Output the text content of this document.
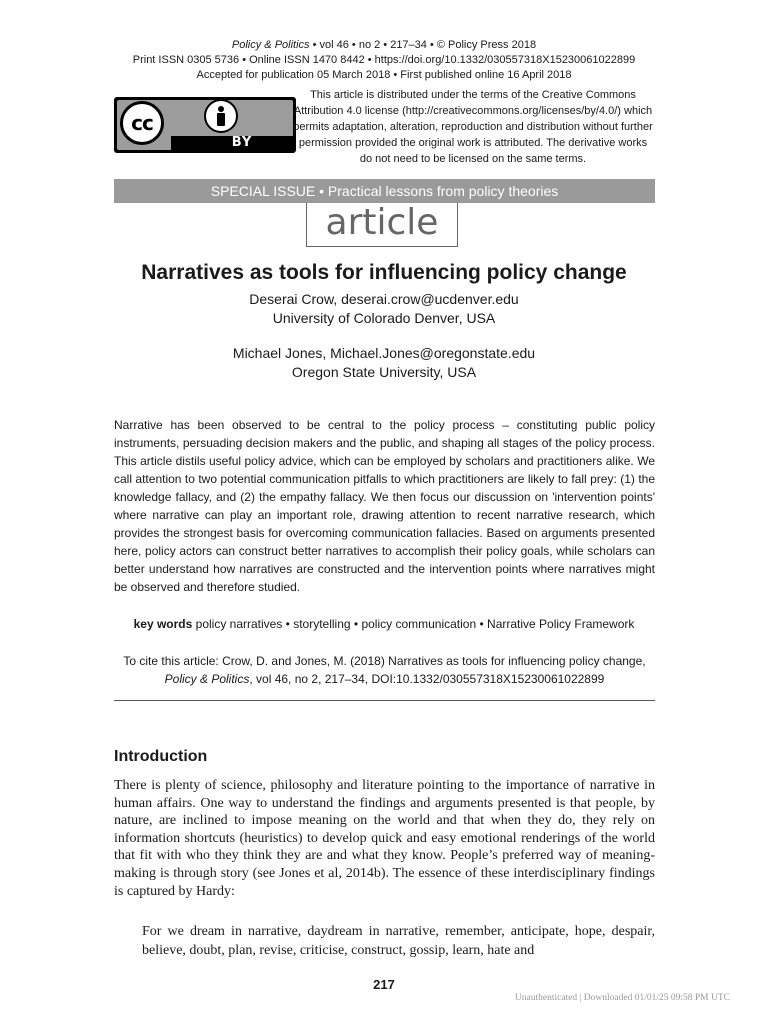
Policy & Politics • vol 46 • no 2 • 217–34 • © Policy Press 2018
Print ISSN 0305 5736 • Online ISSN 1470 8442 • https://doi.org/10.1332/030557318X15230061022899
Accepted for publication 05 March 2018 • First published online 16 April 2018
cc
BY
This article is distributed under the terms of the Creative Commons Attribution 4.0 license (http://creativecommons.org/licenses/by/4.0/) which permits adaptation, alteration, reproduction and distribution without further permission provided the original work is attributed. The derivative works do not need to be licensed on the same terms.
SPECIAL ISSUE • Practical lessons from policy theories
article
Narratives as tools for influencing policy change
Deserai Crow, deserai.crow@ucdenver.edu
University of Colorado Denver, USA
Michael Jones, Michael.Jones@oregonstate.edu
Oregon State University, USA

Narrative has been observed to be central to the policy process – constituting public policy instruments, persuading decision makers and the public, and shaping all stages of the policy process. This article distils useful policy advice, which can be employed by scholars and practitioners alike. We call attention to two potential communication pitfalls to which practitioners are likely to fall prey: (1) the knowledge fallacy, and (2) the empathy fallacy. We then focus our discussion on 'intervention points' where narrative can play an important role, drawing attention to recent narrative research, which provides the strongest basis for overcoming communication fallacies. Based on arguments presented here, policy actors can construct better narratives to accomplish their policy goals, while scholars can better understand how narratives are constructed and the intervention points where narratives might be observed and therefore studied.

key words policy narratives • storytelling • policy communication • Narrative Policy Framework
To cite this article: Crow, D. and Jones, M. (2018) Narratives as tools for influencing policy change, Policy & Politics, vol 46, no 2, 217–34, DOI:10.1332/030557318X15230061022899
Introduction

There is plenty of science, philosophy and literature pointing to the importance of narrative in human affairs. One way to understand the findings and arguments presented is that people, by nature, are inclined to impose meaning on the world and that when they do, they rely on information shortcuts (heuristics) to develop quick and easy emotional renderings of the world that fit with who they think they are and what they know. People’s preferred way of meaning-making is through story (see Jones et al, 2014b). The essence of these interdisciplinary findings is captured by Hardy:

For we dream in narrative, daydream in narrative, remember, anticipate, hope, despair, believe, doubt, plan, revise, criticise, construct, gossip, learn, hate and
217
Unauthenticated | Downloaded 01/01/25 09:58 PM UTC
